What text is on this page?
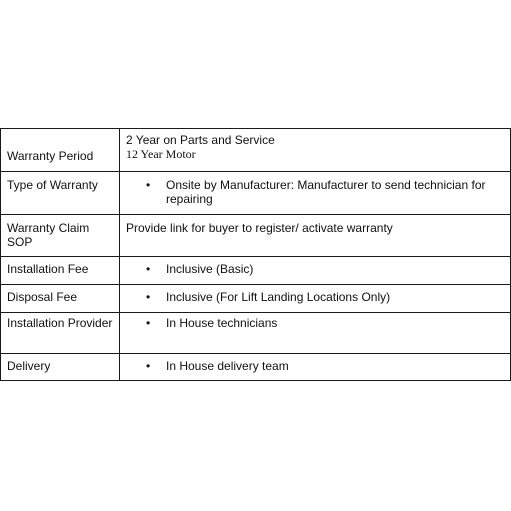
Warranty Period	2 Year on Parts and Service
12 Year Motor

Type of Warranty	• Onsite by Manufacturer: Manufacturer to send technician for repairing

Warranty Claim SOP	Provide link for buyer to register/ activate warranty
Installation Fee	• Inclusive (Basic)

Disposal Fee	• Inclusive (For Lift Landing Locations Only)

Installation Provider	• In House technicians

Delivery	• In House delivery team
